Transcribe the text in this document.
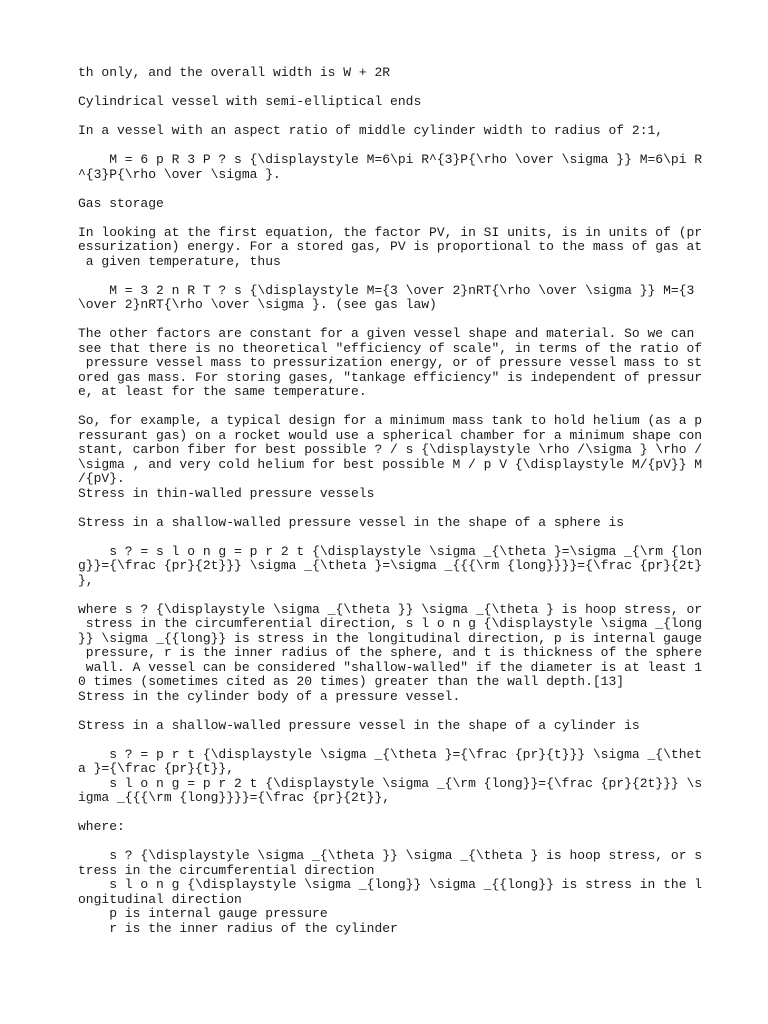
th only, and the overall width is W + 2R
Cylindrical vessel with semi-elliptical ends
In a vessel with an aspect ratio of middle cylinder width to radius of 2:1,
M = 6 p R 3 P ? s {\displaystyle M=6\pi R^{3}P{\rho \over \sigma }} M=6\pi R
^{3}P{\rho \over \sigma }.
Gas storage
In looking at the first equation, the factor PV, in SI units, is in units of (pr
essurization) energy. For a stored gas, PV is proportional to the mass of gas at
a given temperature, thus
M = 3 2 n R T ? s {\displaystyle M={3 \over 2}nRT{\rho \over \sigma }} M={3
\over 2}nRT{\rho \over \sigma }. (see gas law)
The other factors are constant for a given vessel shape and material. So we can
see that there is no theoretical "efficiency of scale", in terms of the ratio of
pressure vessel mass to pressurization energy, or of pressure vessel mass to st
ored gas mass. For storing gases, "tankage efficiency" is independent of pressur
e, at least for the same temperature.
So, for example, a typical design for a minimum mass tank to hold helium (as a p
ressurant gas) on a rocket would use a spherical chamber for a minimum shape con
stant, carbon fiber for best possible ? / s {\displaystyle \rho /\sigma } \rho /
\sigma , and very cold helium for best possible M / p V {\displaystyle M/{pV}} M
/{pV}.
Stress in thin-walled pressure vessels
Stress in a shallow-walled pressure vessel in the shape of a sphere is
s ? = s l o n g = p r 2 t {\displaystyle \sigma _{\theta }=\sigma _{\rm {lon
g}}={\frac {pr}{2t}}} \sigma _{\theta }=\sigma _{{{\rm {long}}}}={\frac {pr}{2t}
},
where s ? {\displaystyle \sigma _{\theta }} \sigma _{\theta } is hoop stress, or
stress in the circumferential direction, s l o n g {\displaystyle \sigma _{long
}} \sigma _{{long}} is stress in the longitudinal direction, p is internal gauge
pressure, r is the inner radius of the sphere, and t is thickness of the sphere
wall. A vessel can be considered "shallow-walled" if the diameter is at least 1
0 times (sometimes cited as 20 times) greater than the wall depth.[13]
Stress in the cylinder body of a pressure vessel.
Stress in a shallow-walled pressure vessel in the shape of a cylinder is
s ? = p r t {\displaystyle \sigma _{\theta }={\frac {pr}{t}}} \sigma _{\thet
a }={\frac {pr}{t}},
s l o n g = p r 2 t {\displaystyle \sigma _{\rm {long}}={\frac {pr}{2t}}} \s
igma _{{{\rm {long}}}}={\frac {pr}{2t}},
where:
s ? {\displaystyle \sigma _{\theta }} \sigma _{\theta } is hoop stress, or s
tress in the circumferential direction
s l o n g {\displaystyle \sigma _{long}} \sigma _{{long}} is stress in the l
ongitudinal direction
p is internal gauge pressure
r is the inner radius of the cylinder
